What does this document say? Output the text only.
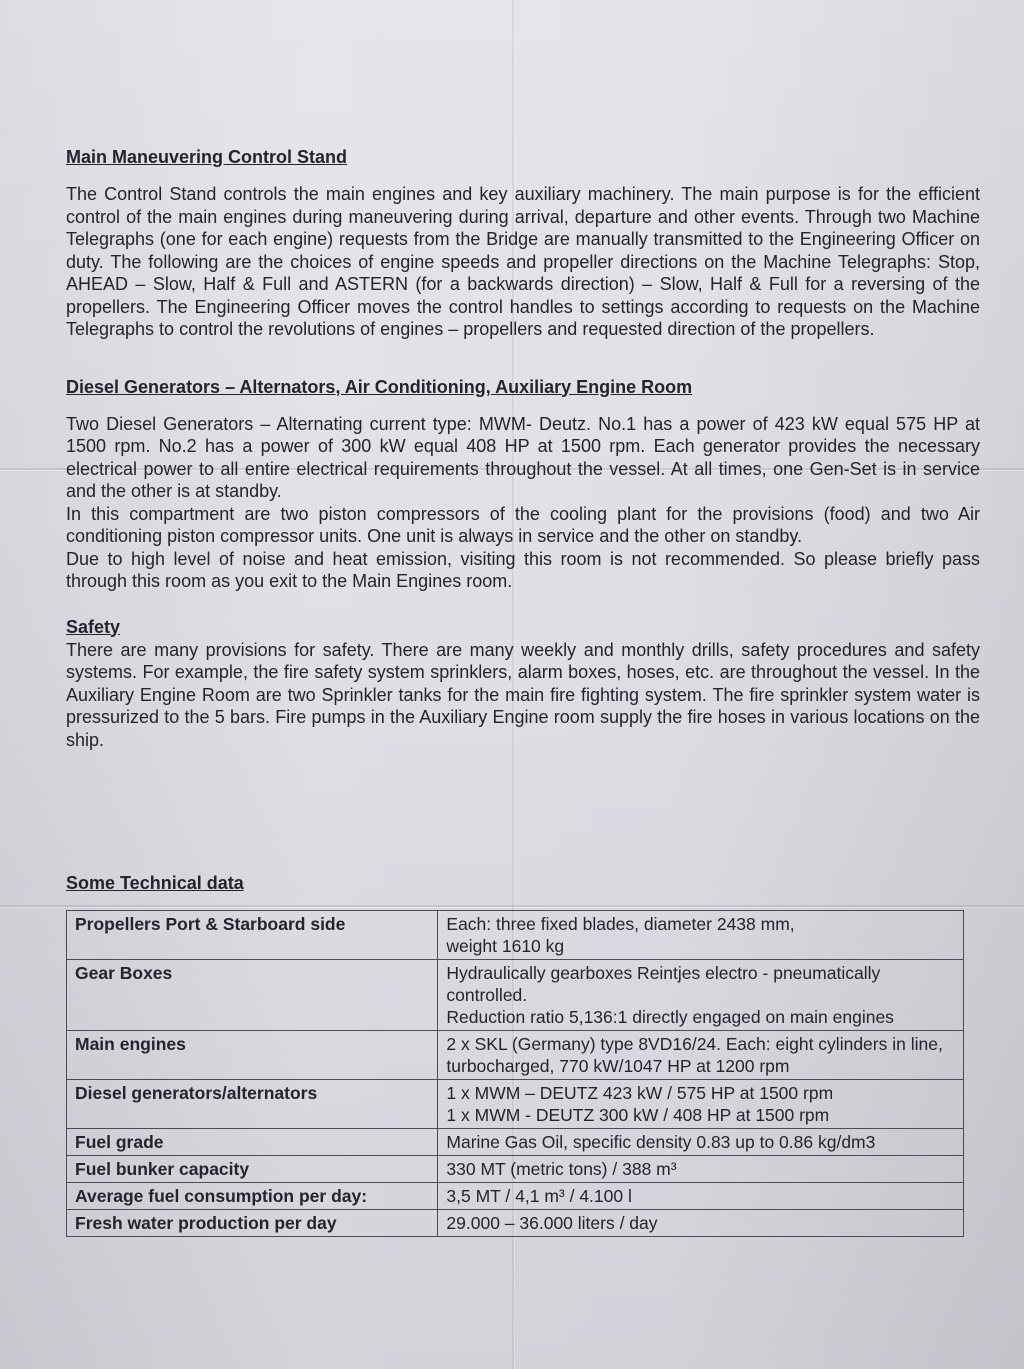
Main Maneuvering Control Stand

The Control Stand controls the main engines and key auxiliary machinery. The main purpose is for the efficient control of the main engines during maneuvering during arrival, departure and other events. Through two Machine Telegraphs (one for each engine) requests from the Bridge are manually transmitted to the Engineering Officer on duty. The following are the choices of engine speeds and propeller directions on the Machine Telegraphs: Stop, AHEAD – Slow, Half & Full and ASTERN (for a backwards direction) – Slow, Half & Full for a reversing of the propellers. The Engineering Officer moves the control handles to settings according to requests on the Machine Telegraphs to control the revolutions of engines – propellers and requested direction of the propellers.

Diesel Generators – Alternators, Air Conditioning, Auxiliary Engine Room

Two Diesel Generators – Alternating current type: MWM- Deutz. No.1 has a power of 423 kW equal 575 HP at 1500 rpm. No.2 has a power of 300 kW equal 408 HP at 1500 rpm. Each generator provides the necessary electrical power to all entire electrical requirements throughout the vessel. At all times, one Gen-Set is in service and the other is at standby.

In this compartment are two piston compressors of the cooling plant for the provisions (food) and two Air conditioning piston compressor units. One unit is always in service and the other on standby.

Due to high level of noise and heat emission, visiting this room is not recommended. So please briefly pass through this room as you exit to the Main Engines room.

Safety

There are many provisions for safety. There are many weekly and monthly drills, safety procedures and safety systems. For example, the fire safety system sprinklers, alarm boxes, hoses, etc. are throughout the vessel. In the Auxiliary Engine Room are two Sprinkler tanks for the main fire fighting system. The fire sprinkler system water is pressurized to the 5 bars. Fire pumps in the Auxiliary Engine room supply the fire hoses in various locations on the ship.

Some Technical data
Propellers Port & Starboard side	Each: three fixed blades, diameter 2438 mm,
weight 1610 kg

Gear Boxes	Hydraulically gearboxes Reintjes electro - pneumatically controlled.
Reduction ratio 5,136:1 directly engaged on main engines

Main engines	2 x SKL (Germany) type 8VD16/24. Each: eight cylinders in line, turbocharged, 770 kW/1047 HP at 1200 rpm

Diesel generators/alternators	1 x MWM – DEUTZ 423 kW / 575 HP at 1500 rpm
1 x MWM - DEUTZ 300 kW / 408 HP at 1500 rpm

Fuel grade	Marine Gas Oil, specific density 0.83 up to 0.86 kg/dm3

Fuel bunker capacity	330 MT (metric tons) / 388 m³

Average fuel consumption per day:	3,5 MT / 4,1 m³ / 4.100 l

Fresh water production per day	29.000 – 36.000 liters / day
